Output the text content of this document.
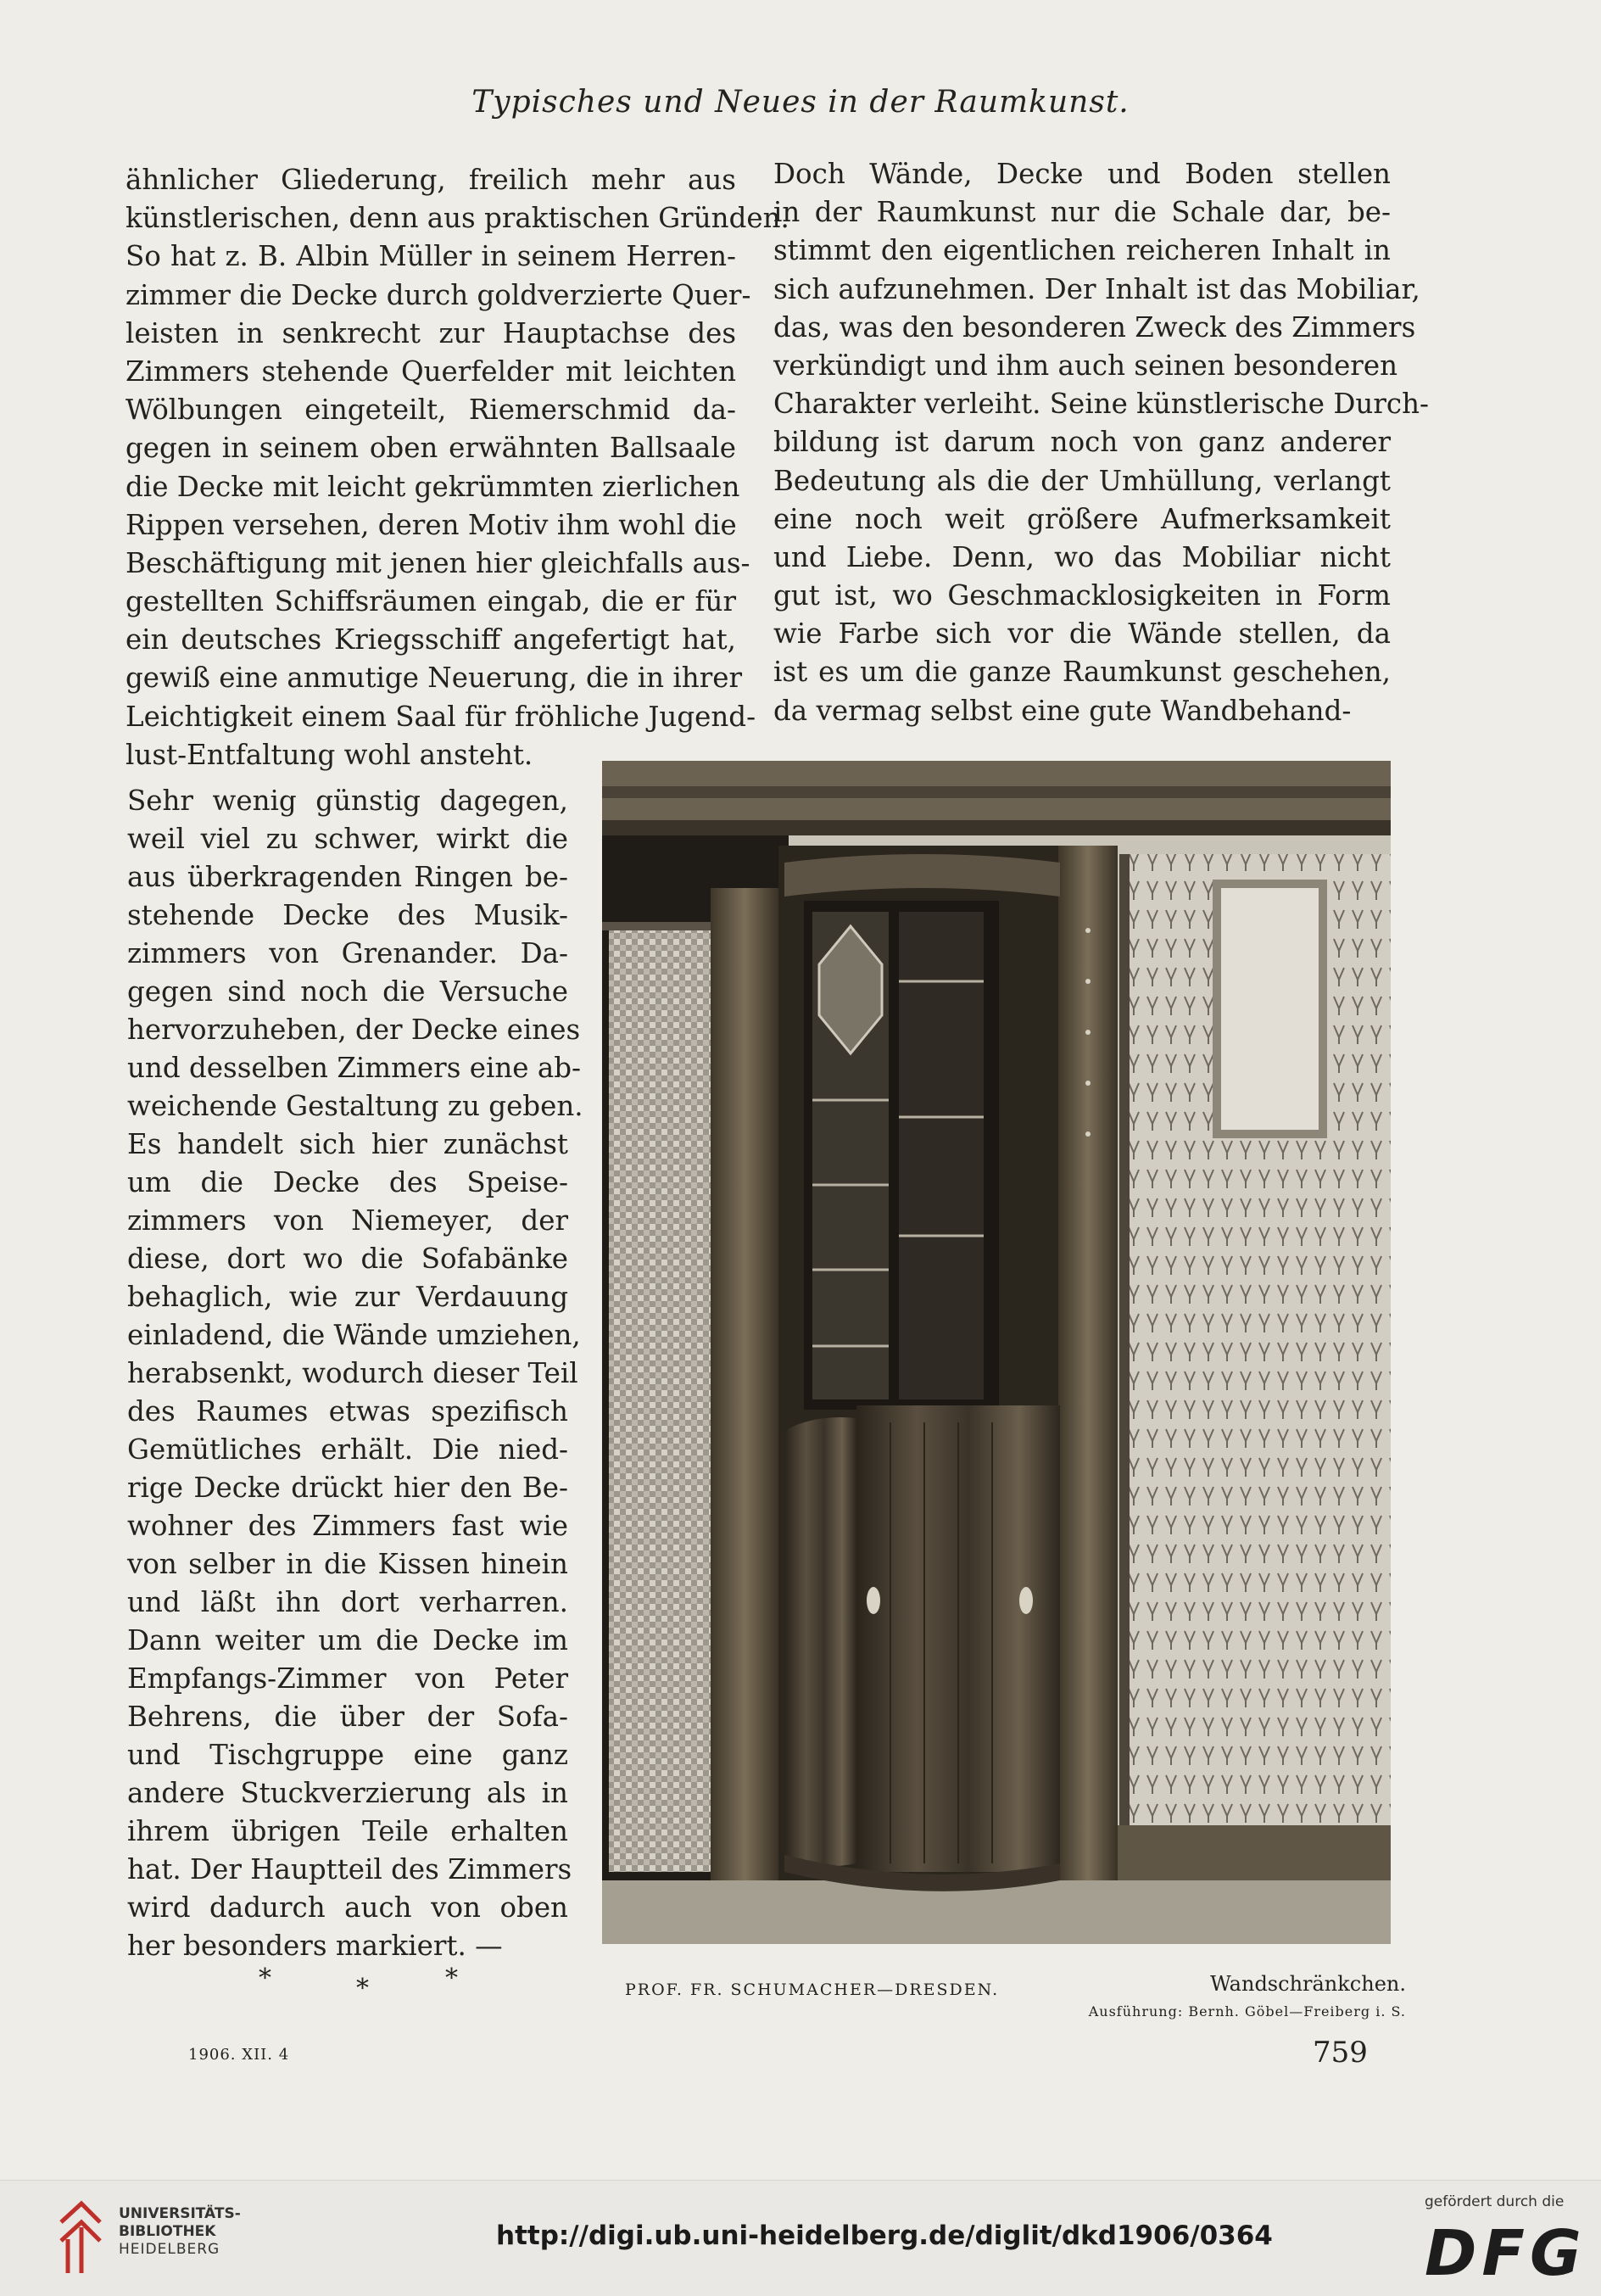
Typisches und Neues in der Raumkunst.
ähnlicher Gliederung, freilich mehr aus
künstlerischen, denn aus praktischen Gründen.
So hat z. B. Albin Müller in seinem Herren-
zimmer die Decke durch goldverzierte Quer-
leisten in senkrecht zur Hauptachse des
Zimmers stehende Querfelder mit leichten
Wölbungen eingeteilt, Riemerschmid da-
gegen in seinem oben erwähnten Ballsaale
die Decke mit leicht gekrümmten zierlichen
Rippen versehen, deren Motiv ihm wohl die
Beschäftigung mit jenen hier gleichfalls aus-
gestellten Schiffsräumen eingab, die er für
ein deutsches Kriegsschiff angefertigt hat,
gewiß eine anmutige Neuerung, die in ihrer
Leichtigkeit einem Saal für fröhliche Jugend-
lust-Entfaltung wohl ansteht.
Doch Wände, Decke und Boden stellen
in der Raumkunst nur die Schale dar, be-
stimmt den eigentlichen reicheren Inhalt in
sich aufzunehmen. Der Inhalt ist das Mobiliar,
das, was den besonderen Zweck des Zimmers
verkündigt und ihm auch seinen besonderen
Charakter verleiht. Seine künstlerische Durch-
bildung ist darum noch von ganz anderer
Bedeutung als die der Umhüllung, verlangt
eine noch weit größere Aufmerksamkeit
und Liebe. Denn, wo das Mobiliar nicht
gut ist, wo Geschmacklosigkeiten in Form
wie Farbe sich vor die Wände stellen, da
ist es um die ganze Raumkunst geschehen,
da vermag selbst eine gute Wandbehand-
Sehr wenig günstig dagegen,
weil viel zu schwer, wirkt die
aus überkragenden Ringen be-
stehende Decke des Musik-
zimmers von Grenander. Da-
gegen sind noch die Versuche
hervorzuheben, der Decke eines
und desselben Zimmers eine ab-
weichende Gestaltung zu geben.
Es handelt sich hier zunächst
um die Decke des Speise-
zimmers von Niemeyer, der
diese, dort wo die Sofabänke
behaglich, wie zur Verdauung
einladend, die Wände umziehen,
herabsenkt, wodurch dieser Teil
des Raumes etwas spezifisch
Gemütliches erhält. Die nied-
rige Decke drückt hier den Be-
wohner des Zimmers fast wie
von selber in die Kissen hinein
und läßt ihn dort verharren.
Dann weiter um die Decke im
Empfangs-Zimmer von Peter
Behrens, die über der Sofa-
und Tischgruppe eine ganz
andere Stuckverzierung als in
ihrem übrigen Teile erhalten
hat. Der Hauptteil des Zimmers
wird dadurch auch von oben
her besonders markiert. —
*	*	*	PROF. FR. SCHUMACHER—DRESDEN.	Wandschränkchen.
Ausführung: Bernh. Göbel—Freiberg i. S.
1906. XII. 4	759
UNIVERSITÄTS-
BIBLIOTHEK
HEIDELBERG	http://digi.ub.uni-heidelberg.de/diglit/dkd1906/0364
gefördert durch die
DFG
